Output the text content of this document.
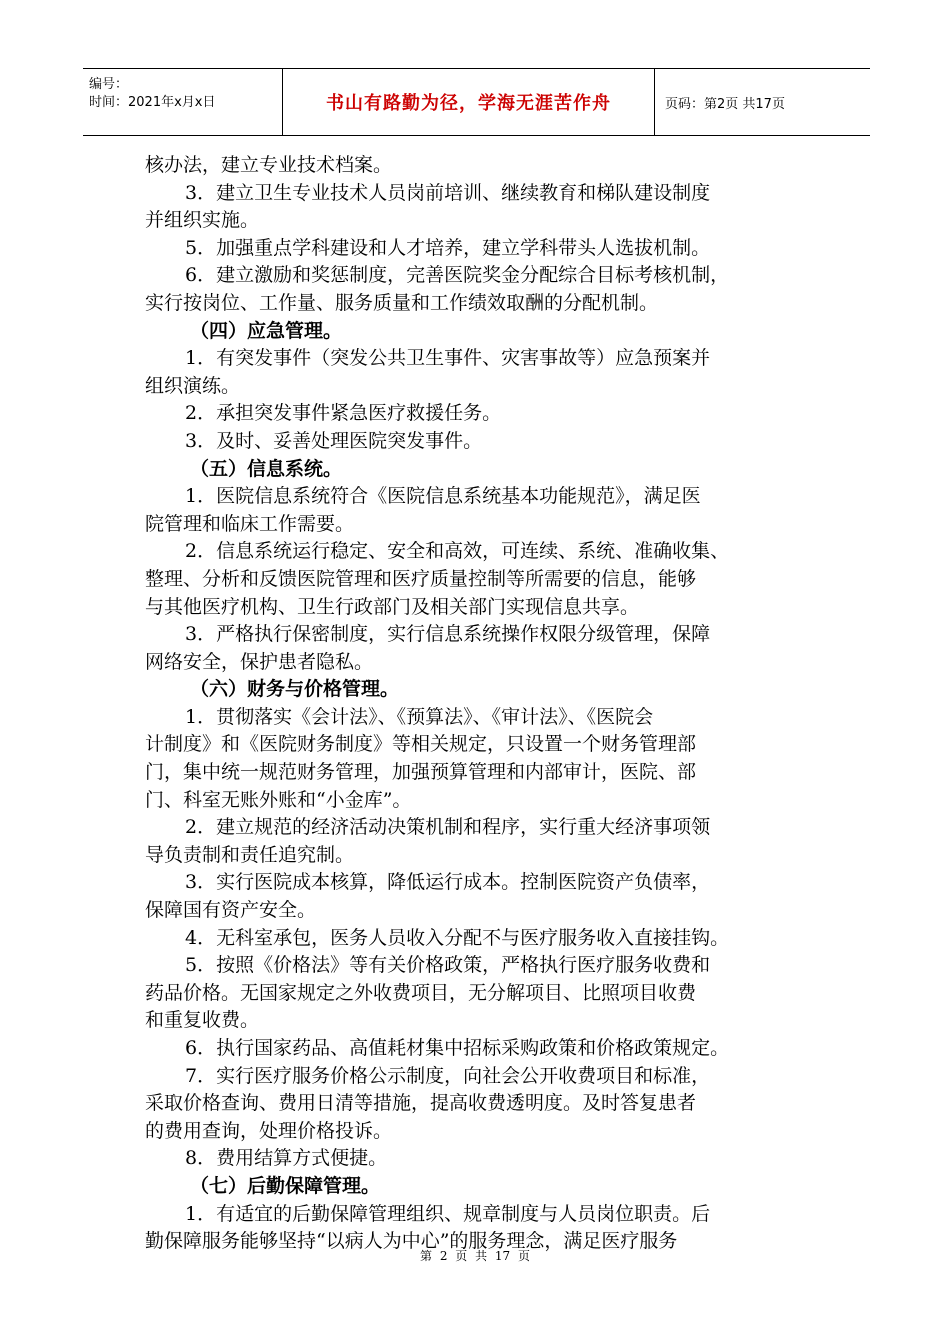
编号：
时间：2021年x月x日	书山有路勤为径，学海无涯苦作舟	页码：第2页 共17页
核办法，建立专业技术档案。
3．建立卫生专业技术人员岗前培训、继续教育和梯队建设制度
并组织实施。
5．加强重点学科建设和人才培养，建立学科带头人选拔机制。
6．建立激励和奖惩制度，完善医院奖金分配综合目标考核机制，
实行按岗位、工作量、服务质量和工作绩效取酬的分配机制。
（四）应急管理。
1．有突发事件（突发公共卫生事件、灾害事故等）应急预案并
组织演练。
2．承担突发事件紧急医疗救援任务。
3．及时、妥善处理医院突发事件。
（五）信息系统。
1．医院信息系统符合《医院信息系统基本功能规范》，满足医
院管理和临床工作需要。
2．信息系统运行稳定、安全和高效，可连续、系统、准确收集、
整理、分析和反馈医院管理和医疗质量控制等所需要的信息，能够
与其他医疗机构、卫生行政部门及相关部门实现信息共享。
3．严格执行保密制度，实行信息系统操作权限分级管理，保障
网络安全，保护患者隐私。
（六）财务与价格管理。
1．贯彻落实《会计法》、《预算法》、《审计法》、《医院会
计制度》和《医院财务制度》等相关规定，只设置一个财务管理部
门，集中统一规范财务管理，加强预算管理和内部审计，医院、部
门、科室无账外账和“小金库”。
2．建立规范的经济活动决策机制和程序，实行重大经济事项领
导负责制和责任追究制。
3．实行医院成本核算，降低运行成本。控制医院资产负债率，
保障国有资产安全。
4．无科室承包，医务人员收入分配不与医疗服务收入直接挂钩。
5．按照《价格法》等有关价格政策，严格执行医疗服务收费和
药品价格。无国家规定之外收费项目，无分解项目、比照项目收费
和重复收费。
6．执行国家药品、高值耗材集中招标采购政策和价格政策规定。
7．实行医疗服务价格公示制度，向社会公开收费项目和标准，
采取价格查询、费用日清等措施，提高收费透明度。及时答复患者
的费用查询，处理价格投诉。
8．费用结算方式便捷。
（七）后勤保障管理。
1．有适宜的后勤保障管理组织、规章制度与人员岗位职责。后
勤保障服务能够坚持“以病人为中心”的服务理念，满足医疗服务
第 2 页 共 17 页
